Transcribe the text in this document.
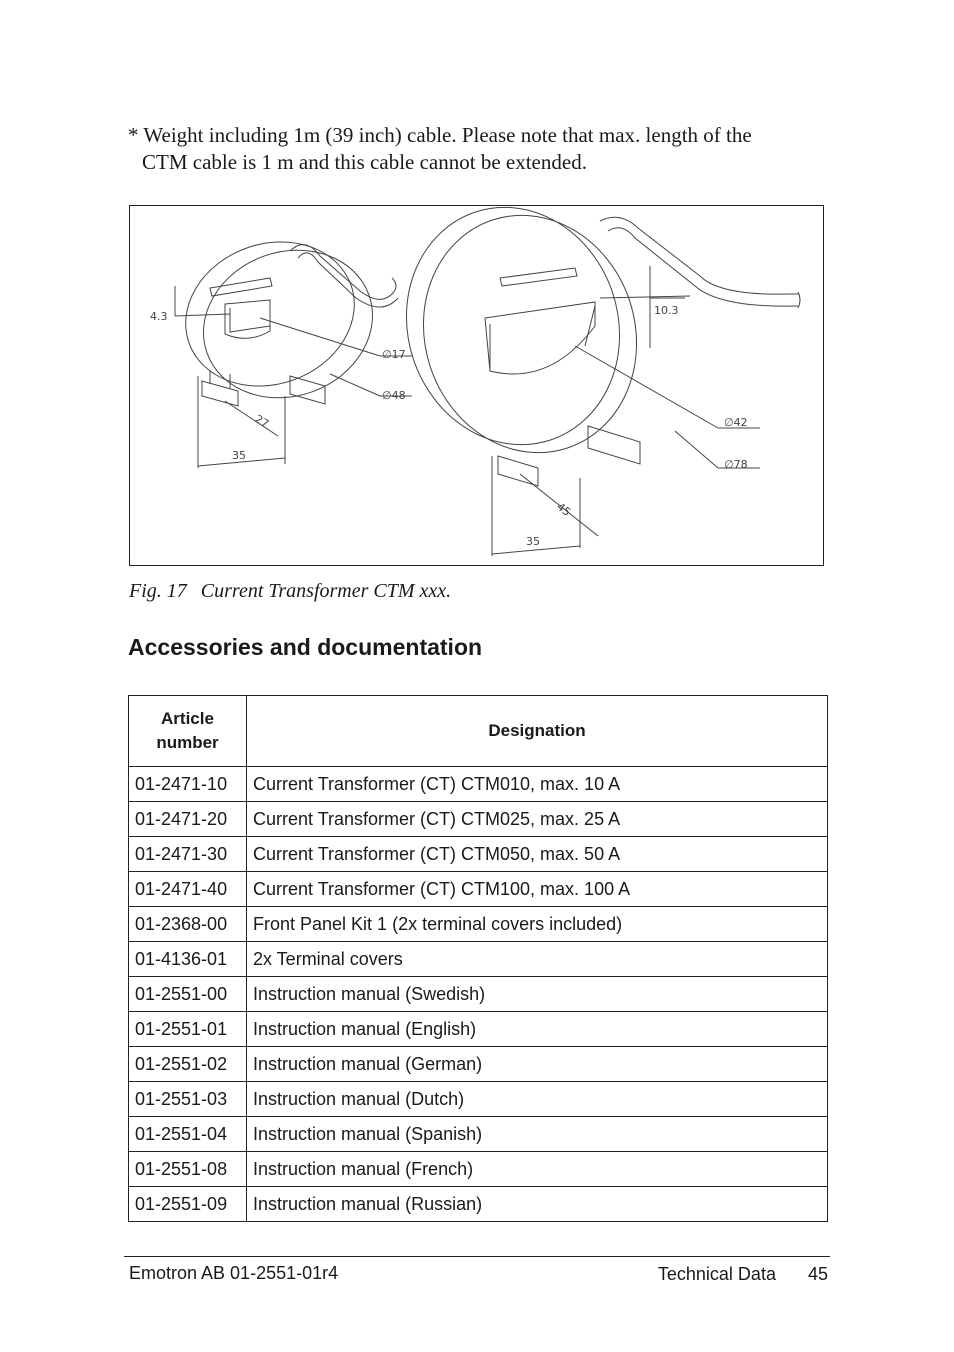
* Weight including 1m (39 inch) cable. Please note that max. length of the
CTM cable is 1 m and this cable cannot be extended.
4.3
∅17
∅48
27
35
10.3
∅42
∅78
45
35
Fig. 17 Current Transformer CTM xxx.
Accessories and documentation
Article number	Designation
01-2471-10	Current Transformer (CT) CTM010, max. 10 A
01-2471-20	Current Transformer (CT) CTM025, max. 25 A
01-2471-30	Current Transformer (CT) CTM050, max. 50 A
01-2471-40	Current Transformer (CT) CTM100, max. 100 A
01-2368-00	Front Panel Kit 1 (2x terminal covers included)
01-4136-01	2x Terminal covers
01-2551-00	Instruction manual (Swedish)
01-2551-01	Instruction manual (English)
01-2551-02	Instruction manual (German)
01-2551-03	Instruction manual (Dutch)
01-2551-04	Instruction manual (Spanish)
01-2551-08	Instruction manual (French)
01-2551-09	Instruction manual (Russian)
Emotron AB 01-2551-01r4	Technical Data 45
